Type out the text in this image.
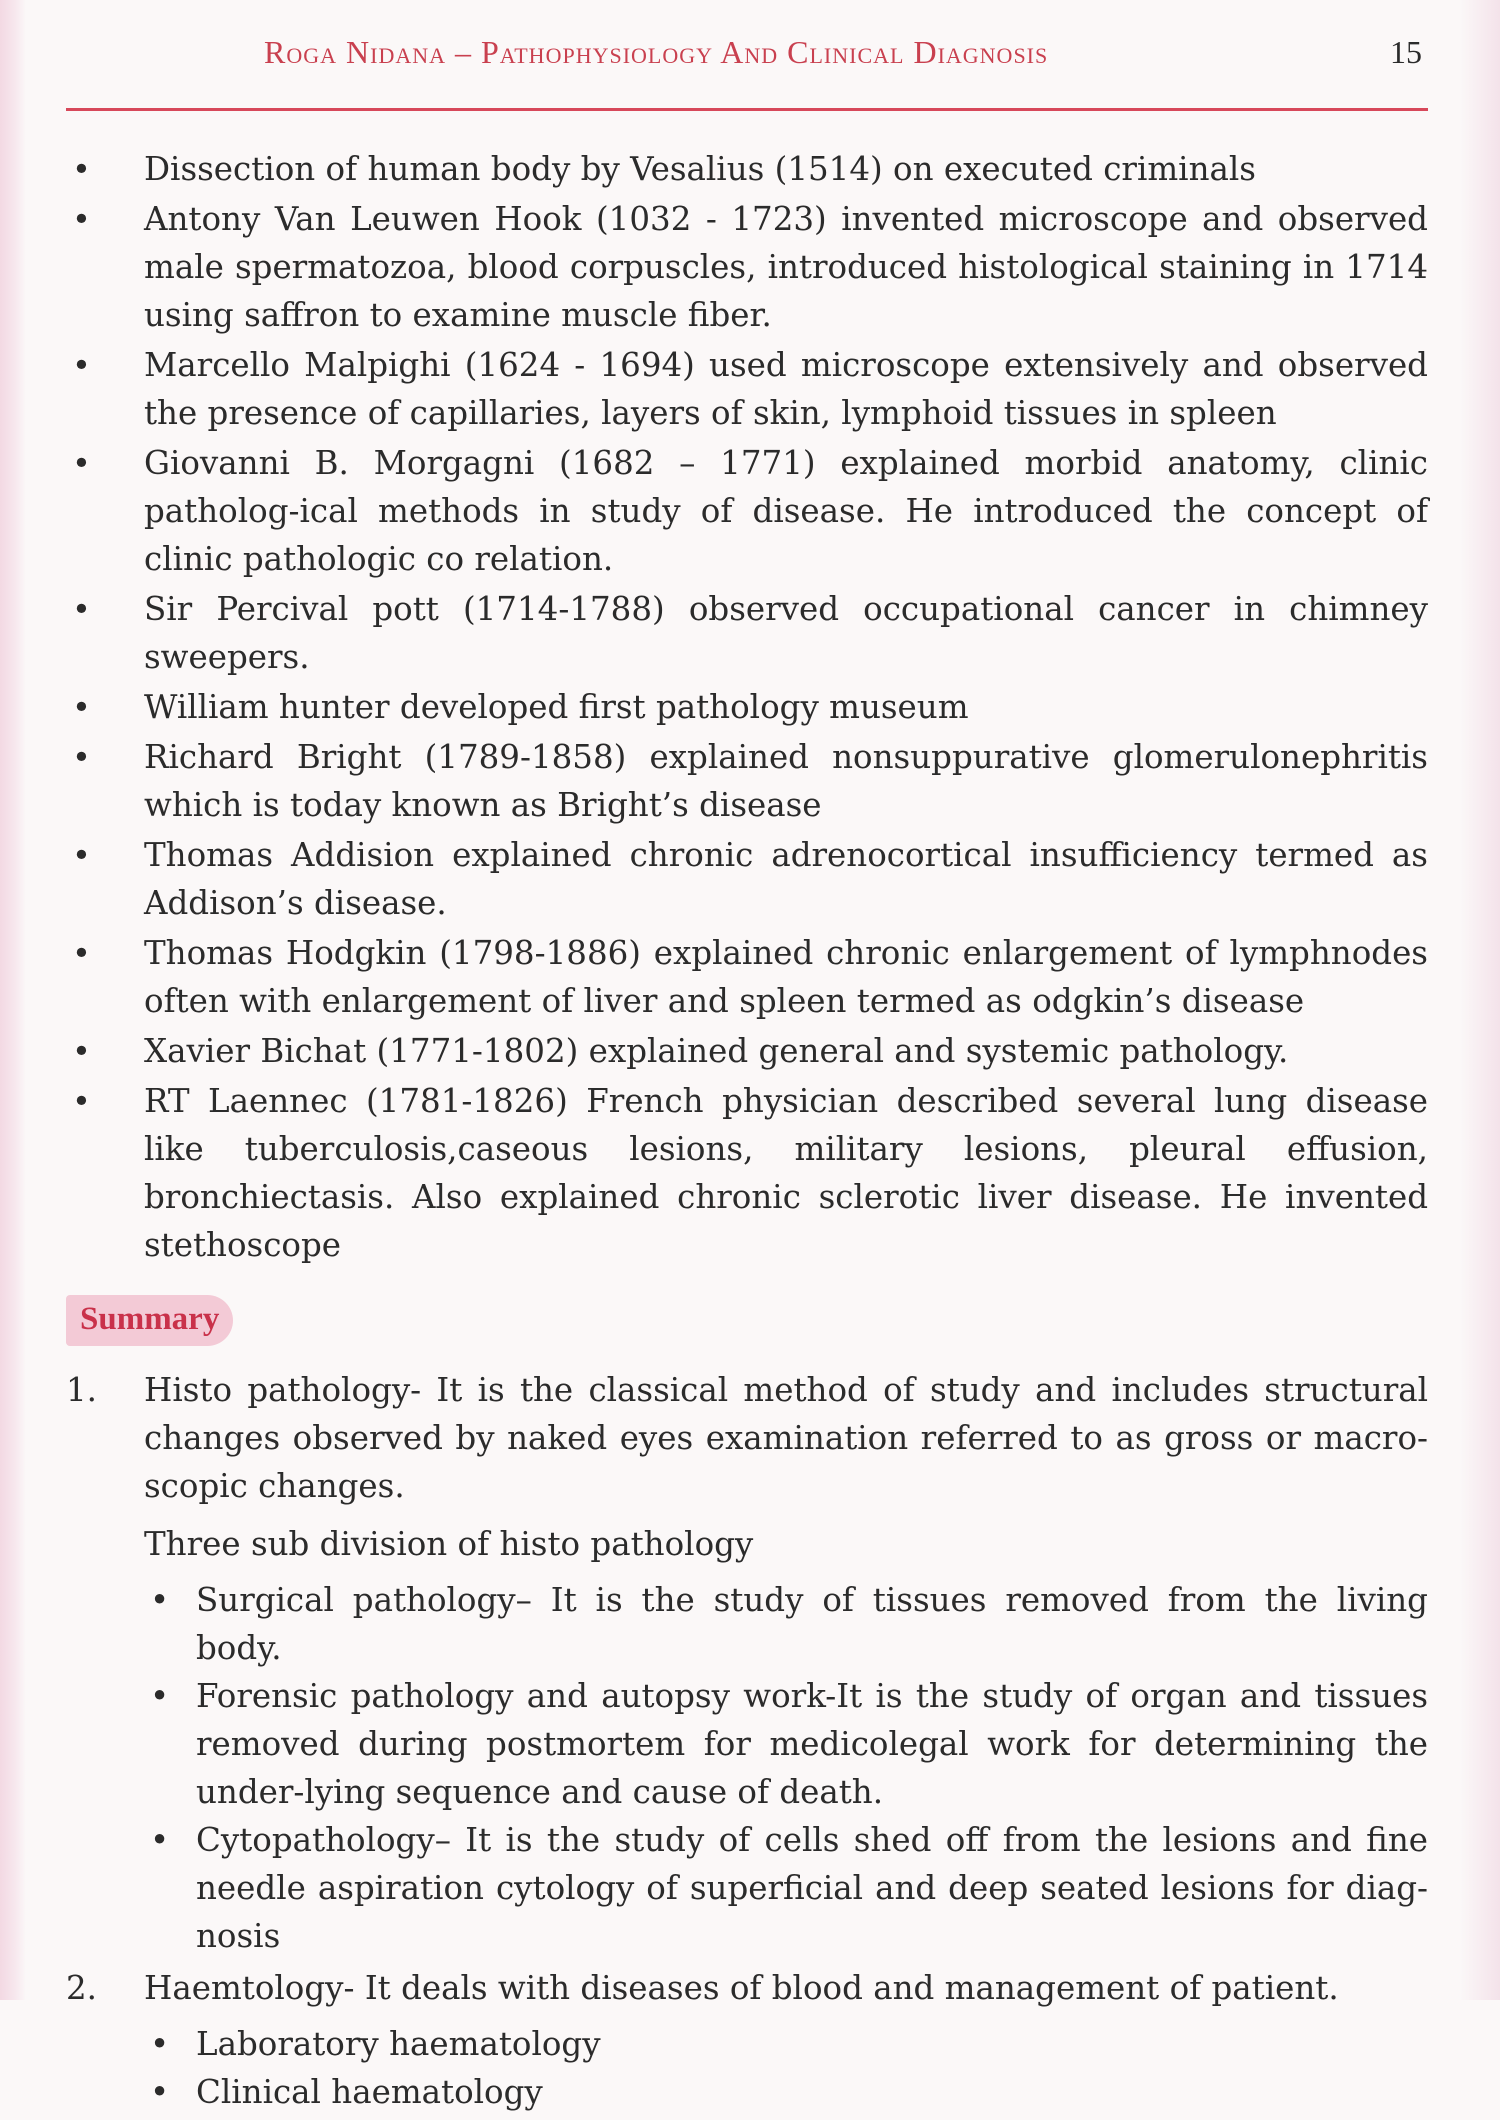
Roga Nidana – Pathophysiology And Clinical Diagnosis	15
• Dissection of human body by Vesalius (1514) on executed criminals
• Antony Van Leuwen Hook (1032 - 1723) invented microscope and observed male spermatozoa, blood corpuscles, introduced histological staining in 1714 using saffron to examine muscle fiber.
• Marcello Malpighi (1624 - 1694) used microscope extensively and observed the presence of capillaries, layers of skin, lymphoid tissues in spleen
• Giovanni B. Morgagni (1682 – 1771) explained morbid anatomy, clinic patholog-ical methods in study of disease. He introduced the concept of clinic pathologic co relation.
• Sir Percival pott (1714-1788) observed occupational cancer in chimney sweepers.
• William hunter developed first pathology museum
• Richard Bright (1789-1858) explained nonsuppurative glomerulonephritis which is today known as Bright’s disease
• Thomas Addision explained chronic adrenocortical insufficiency termed as Addison’s disease.
• Thomas Hodgkin (1798-1886) explained chronic enlargement of lymphnodes often with enlargement of liver and spleen termed as odgkin’s disease
• Xavier Bichat (1771-1802) explained general and systemic pathology.
• RT Laennec (1781-1826) French physician described several lung disease like tuberculosis,caseous lesions, military lesions, pleural effusion, bronchiectasis. Also explained chronic sclerotic liver disease. He invented stethoscope
Summary
1. Histo pathology- It is the classical method of study and includes structural changes observed by naked eyes examination referred to as gross or macro-scopic changes.
Three sub division of histo pathology
• Surgical pathology– It is the study of tissues removed from the living body.
• Forensic pathology and autopsy work-It is the study of organ and tissues removed during postmortem for medicolegal work for determining the under-lying sequence and cause of death.
• Cytopathology– It is the study of cells shed off from the lesions and fine needle aspiration cytology of superficial and deep seated lesions for diag-nosis
2. Haemtology- It deals with diseases of blood and management of patient.
• Laboratory haematology
• Clinical haematology
